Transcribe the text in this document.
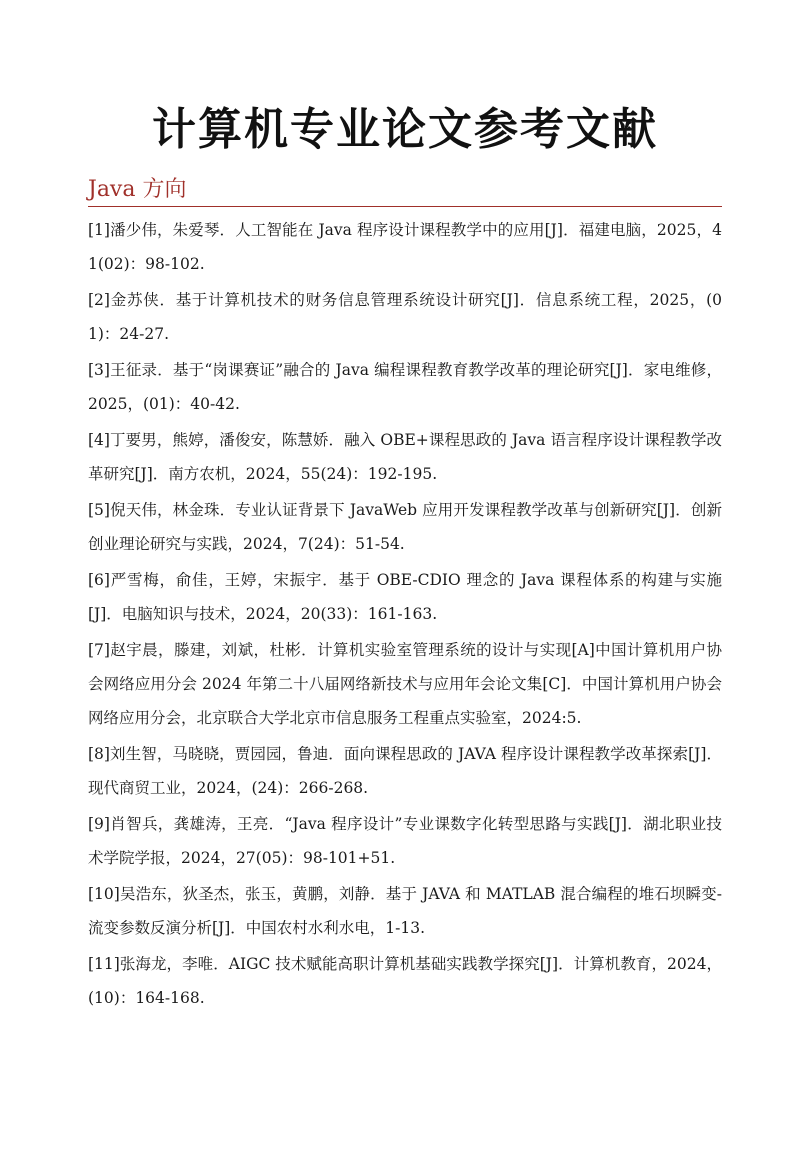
计算机专业论文参考文献
Java 方向
[1]潘少伟，朱爱琴．人工智能在 Java 程序设计课程教学中的应用[J]．福建电脑，2025，41(02)：98-102.
[2]金苏侠．基于计算机技术的财务信息管理系统设计研究[J]．信息系统工程，2025，(01)：24-27.
[3]王征录．基于“岗课赛证”融合的 Java 编程课程教育教学改革的理论研究[J]．家电维修，2025，(01)：40-42.
[4]丁要男，熊婷，潘俊安，陈慧娇．融入 OBE+课程思政的 Java 语言程序设计课程教学改革研究[J]．南方农机，2024，55(24)：192-195.
[5]倪天伟，林金珠．专业认证背景下 JavaWeb 应用开发课程教学改革与创新研究[J]．创新创业理论研究与实践，2024，7(24)：51-54.
[6]严雪梅，俞佳，王婷，宋振宇．基于 OBE-CDIO 理念的 Java 课程体系的构建与实施[J]．电脑知识与技术，2024，20(33)：161-163.
[7]赵宇晨，滕建，刘斌，杜彬．计算机实验室管理系统的设计与实现[A]中国计算机用户协会网络应用分会 2024 年第二十八届网络新技术与应用年会论文集[C]．中国计算机用户协会网络应用分会，北京联合大学北京市信息服务工程重点实验室，2024:5.
[8]刘生智，马晓晓，贾园园，鲁迪．面向课程思政的 JAVA 程序设计课程教学改革探索[J]．现代商贸工业，2024，(24)：266-268.
[9]肖智兵，龚雄涛，王亮．“Java 程序设计”专业课数字化转型思路与实践[J]．湖北职业技术学院学报，2024，27(05)：98-101+51.
[10]吴浩东，狄圣杰，张玉，黄鹏，刘静．基于 JAVA 和 MATLAB 混合编程的堆石坝瞬变-流变参数反演分析[J]．中国农村水利水电，1-13.
[11]张海龙，李唯．AIGC 技术赋能高职计算机基础实践教学探究[J]．计算机教育，2024，(10)：164-168.
